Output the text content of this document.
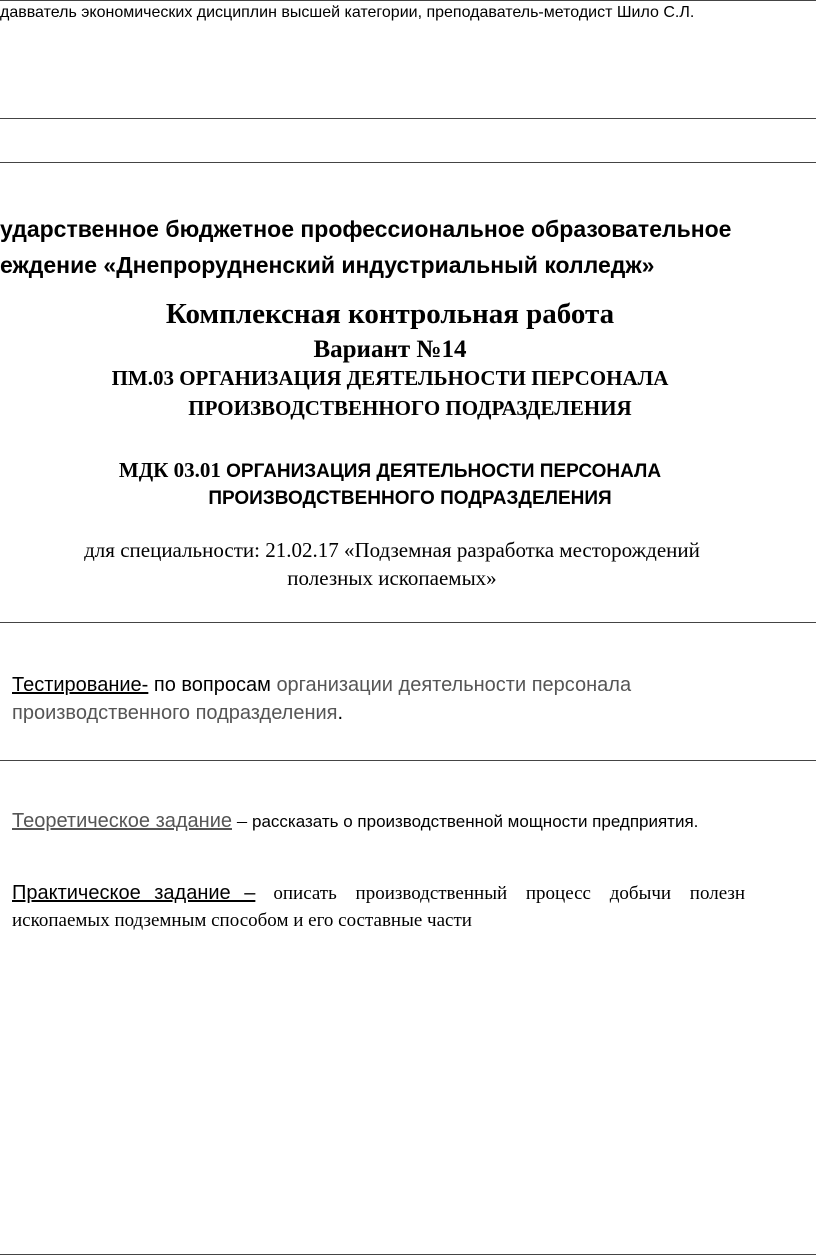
давватель экономических дисциплин высшей категории, преподаватель-методист Шило С.Л.
ударственное бюджетное профессиональное образовательное
еждение «Днепрорудненский индустриальный колледж»
Комплексная контрольная работа
Вариант №14
ПМ.03 ОРГАНИЗАЦИЯ ДЕЯТЕЛЬНОСТИ ПЕРСОНАЛА
ПРОИЗВОДСТВЕННОГО ПОДРАЗДЕЛЕНИЯ
МДК 03.01 ОРГАНИЗАЦИЯ ДЕЯТЕЛЬНОСТИ ПЕРСОНАЛА
ПРОИЗВОДСТВЕННОГО ПОДРАЗДЕЛЕНИЯ
для специальности: 21.02.17 «Подземная разработка месторождений
полезных ископаемых»
Тестирование- по вопросам организации деятельности персонала
производственного подразделения.
Теоретическое задание – рассказать о производственной мощности предприятия.
Практическое задание – описать производственный процесс добычи полезн
ископаемых подземным способом и его составные части
